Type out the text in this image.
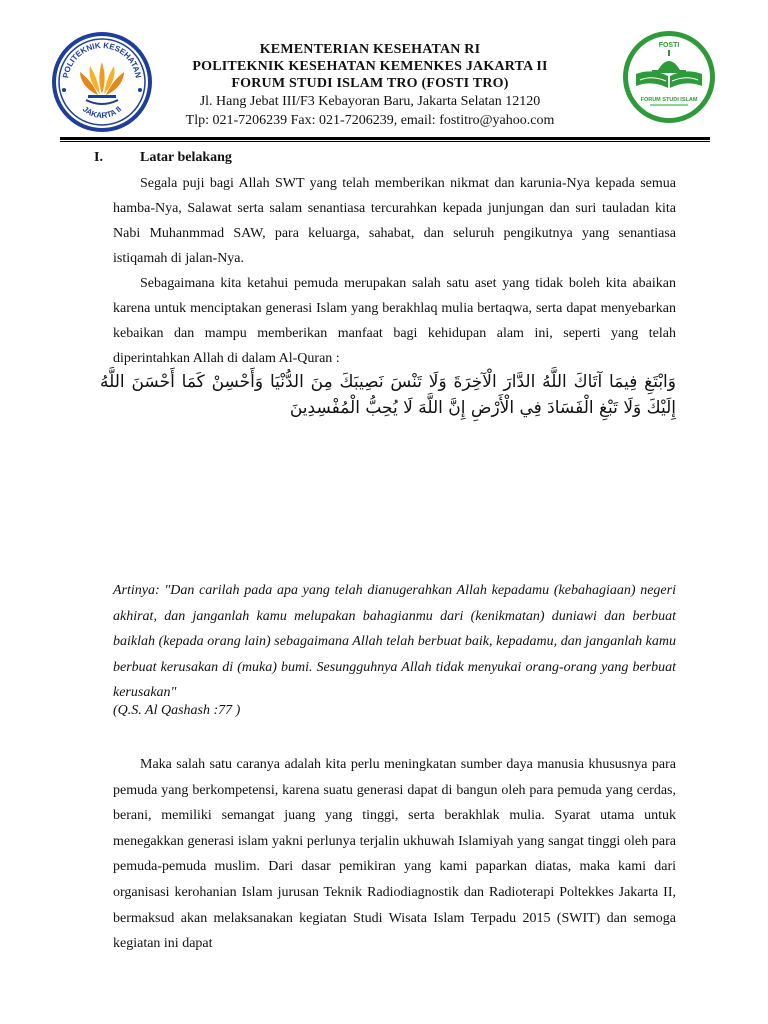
POLITEKNIK KESEHATAN
JAKARTA II
KEMENTERIAN KESEHATAN RI
POLITEKNIK KESEHATAN KEMENKES JAKARTA II
FORUM STUDI ISLAM TRO (FOSTI TRO)
Jl. Hang Jebat III/F3 Kebayoran Baru, Jakarta Selatan 12120
Tlp: 021-7206239 Fax: 021-7206239, email: fostitro@yahoo.com
FOSTI
FORUM STUDI ISLAM
I.	Latar belakang

Segala puji bagi Allah SWT yang telah memberikan nikmat dan karunia-Nya kepada semua hamba-Nya, Salawat serta salam senantiasa tercurahkan kepada junjungan dan suri tauladan kita Nabi Muhanmmad SAW, para keluarga, sahabat, dan seluruh pengikutnya yang senantiasa istiqamah di jalan-Nya.

Sebagaimana kita ketahui pemuda merupakan salah satu aset yang tidak boleh kita abaikan karena untuk menciptakan generasi Islam yang berakhlaq mulia bertaqwa, serta dapat menyebarkan kebaikan dan mampu memberikan manfaat bagi kehidupan alam ini, seperti yang telah diperintahkan Allah di dalam Al-Quran :

وَابْتَغِ فِيمَا آتَاكَ اللَّهُ الدَّارَ الْآخِرَةَ وَلَا تَنْسَ نَصِيبَكَ مِنَ الدُّنْيَا وَأَحْسِنْ كَمَا أَحْسَنَ اللَّهُ إِلَيْكَ وَلَا تَبْغِ الْفَسَادَ فِي الْأَرْضِ إِنَّ اللَّهَ لَا يُحِبُّ الْمُفْسِدِينَ

Artinya: "Dan carilah pada apa yang telah dianugerahkan Allah kepadamu (kebahagiaan) negeri akhirat, dan janganlah kamu melupakan bahagianmu dari (kenikmatan) duniawi dan berbuat baiklah (kepada orang lain) sebagaimana Allah telah berbuat baik, kepadamu, dan janganlah kamu berbuat kerusakan di (muka) bumi. Sesungguhnya Allah tidak menyukai orang-orang yang berbuat kerusakan"

(Q.S. Al Qashash :77 )

Maka salah satu caranya adalah kita perlu meningkatan sumber daya manusia khususnya para pemuda yang berkompetensi, karena suatu generasi dapat di bangun oleh para pemuda yang cerdas, berani, memiliki semangat juang yang tinggi, serta berakhlak mulia. Syarat utama untuk menegakkan generasi islam yakni perlunya terjalin ukhuwah Islamiyah yang sangat tinggi oleh para pemuda-pemuda muslim. Dari dasar pemikiran yang kami paparkan diatas, maka kami dari organisasi kerohanian Islam jurusan Teknik Radiodiagnostik dan Radioterapi Poltekkes Jakarta II, bermaksud akan melaksanakan kegiatan Studi Wisata Islam Terpadu 2015 (SWIT) dan semoga kegiatan ini dapat
